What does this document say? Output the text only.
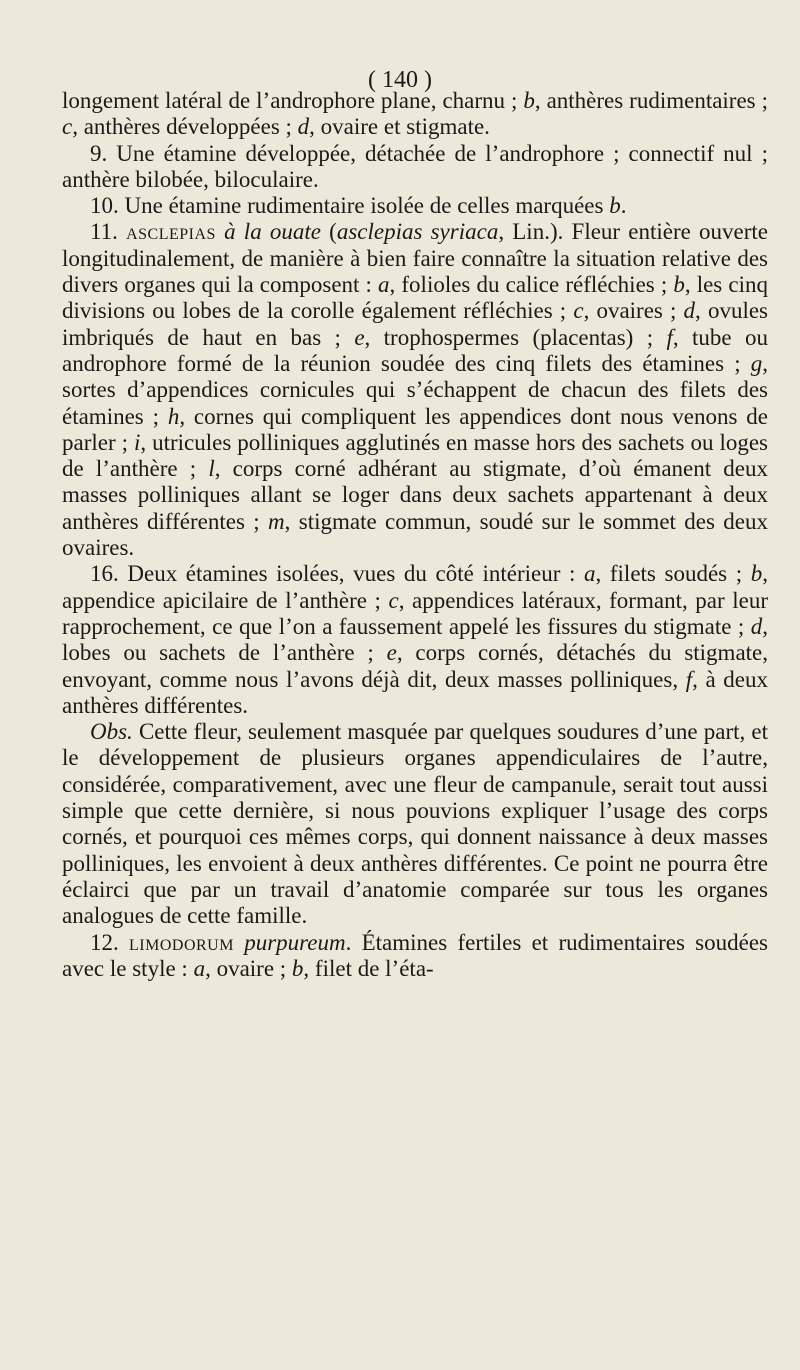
( 140 )

longement latéral de l’androphore plane, charnu ; b, anthères rudimentaires ; c, anthères développées ; d, ovaire et stigmate.

9. Une étamine développée, détachée de l’androphore ; connectif nul ; anthère bilobée, biloculaire.

10. Une étamine rudimentaire isolée de celles marquées b.

11. asclepias à la ouate (asclepias syriaca, Lin.). Fleur entière ouverte longitudinalement, de manière à bien faire connaître la situation relative des divers organes qui la composent : a, folioles du calice réfléchies ; b, les cinq divisions ou lobes de la corolle également réfléchies ; c, ovaires ; d, ovules imbriqués de haut en bas ; e, trophospermes (placentas) ; f, tube ou androphore formé de la réunion soudée des cinq filets des étamines ; g, sortes d’appendices cornicules qui s’échappent de chacun des filets des étamines ; h, cornes qui compliquent les appendices dont nous venons de parler ; i, utricules polliniques agglutinés en masse hors des sachets ou loges de l’anthère ; l, corps corné adhérant au stigmate, d’où émanent deux masses polliniques allant se loger dans deux sachets appartenant à deux anthères différentes ; m, stigmate commun, soudé sur le sommet des deux ovaires.

16. Deux étamines isolées, vues du côté intérieur : a, filets soudés ; b, appendice apicilaire de l’anthère ; c, appendices latéraux, formant, par leur rapprochement, ce que l’on a faussement appelé les fissures du stigmate ; d, lobes ou sachets de l’anthère ; e, corps cornés, détachés du stigmate, envoyant, comme nous l’avons déjà dit, deux masses polliniques, f, à deux anthères différentes.

Obs. Cette fleur, seulement masquée par quelques soudures d’une part, et le développement de plusieurs organes appendiculaires de l’autre, considérée, comparativement, avec une fleur de campanule, serait tout aussi simple que cette dernière, si nous pouvions expliquer l’usage des corps cornés, et pourquoi ces mêmes corps, qui donnent naissance à deux masses polliniques, les envoient à deux anthères différentes. Ce point ne pourra être éclairci que par un travail d’anatomie comparée sur tous les organes analogues de cette famille.

12. limodorum purpureum. Étamines fertiles et rudimentaires soudées avec le style : a, ovaire ; b, filet de l’éta-
